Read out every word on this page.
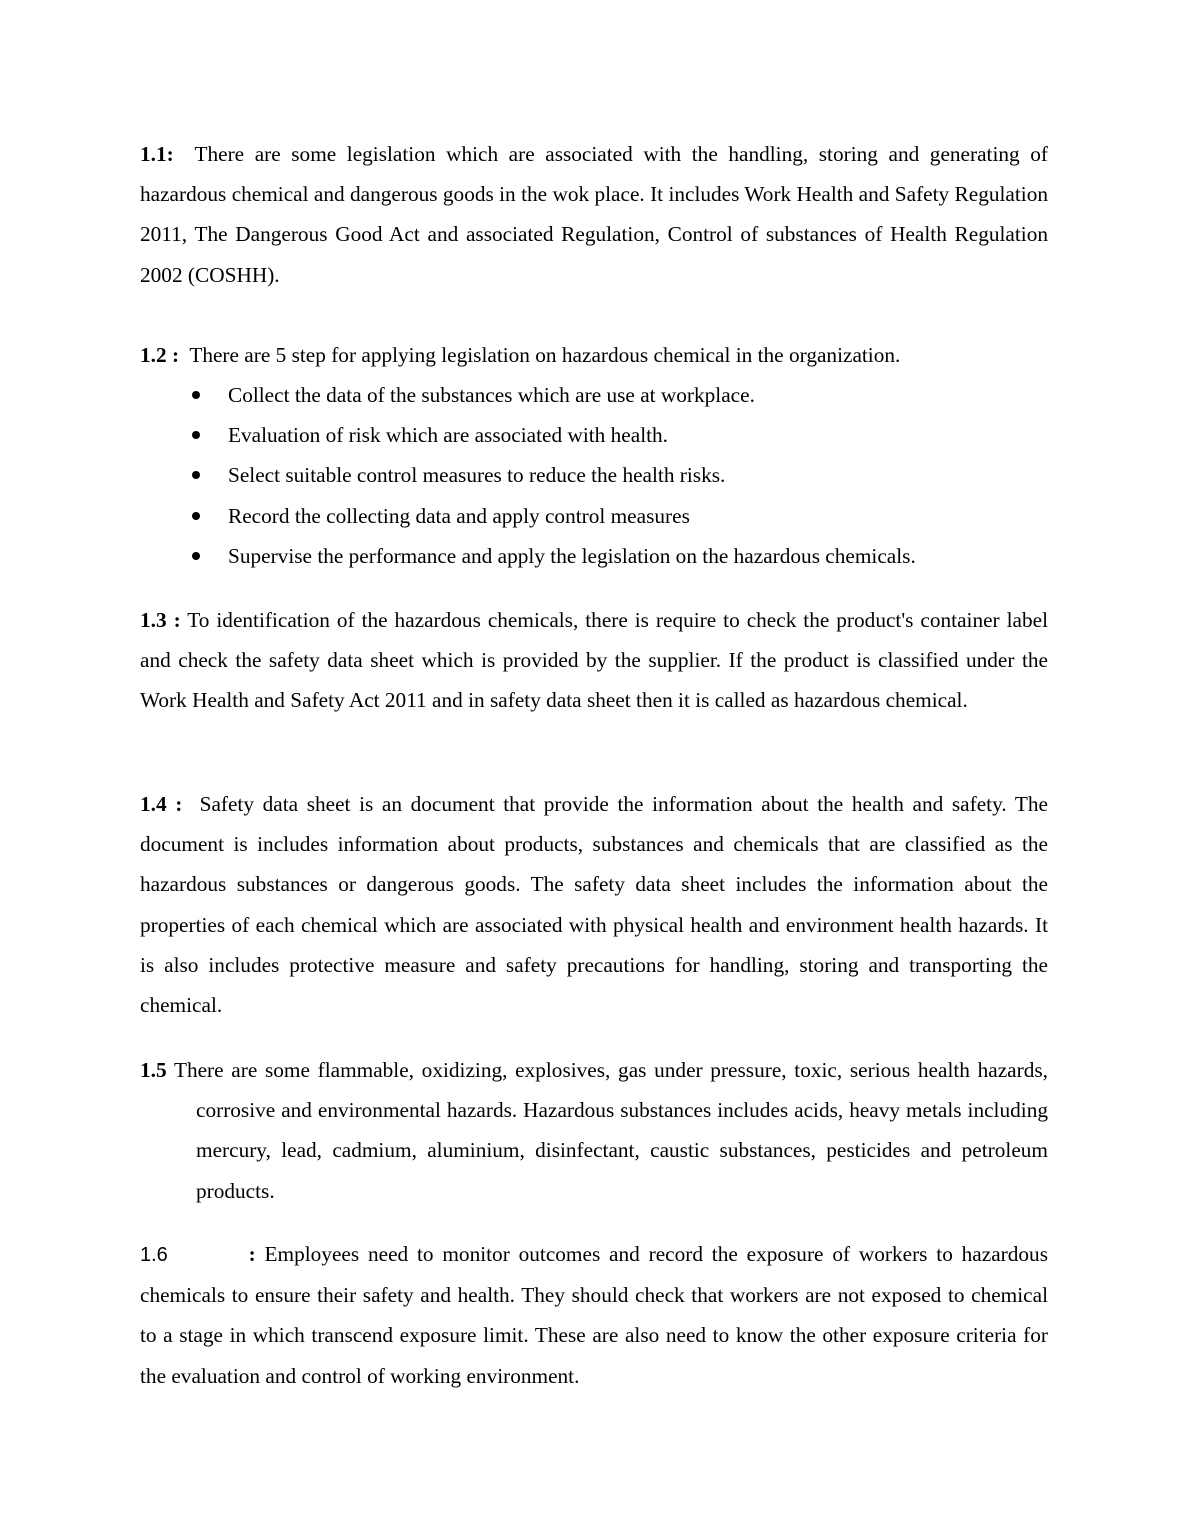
1.1: There are some legislation which are associated with the handling, storing and generating of hazardous chemical and dangerous goods in the wok place. It includes Work Health and Safety Regulation 2011, The Dangerous Good Act and associated Regulation, Control of substances of Health Regulation 2002 (COSHH).

1.2 : There are 5 step for applying legislation on hazardous chemical in the organization.

Collect the data of the substances which are use at workplace.
Evaluation of risk which are associated with health.
Select suitable control measures to reduce the health risks.
Record the collecting data and apply control measures
Supervise the performance and apply the legislation on the hazardous chemicals.

1.3 : To identification of the hazardous chemicals, there is require to check the product's container label and check the safety data sheet which is provided by the supplier. If the product is classified under the Work Health and Safety Act 2011 and in safety data sheet then it is called as hazardous chemical.

1.4 : Safety data sheet is an document that provide the information about the health and safety. The document is includes information about products, substances and chemicals that are classified as the hazardous substances or dangerous goods. The safety data sheet includes the information about the properties of each chemical which are associated with physical health and environment health hazards. It is also includes protective measure and safety precautions for handling, storing and transporting the chemical.

1.5 There are some flammable, oxidizing, explosives, gas under pressure, toxic, serious health hazards, corrosive and environmental hazards. Hazardous substances includes acids, heavy metals including mercury, lead, cadmium, aluminium, disinfectant, caustic substances, pesticides and petroleum products.

1.6	: Employees need to monitor outcomes and record the exposure of workers to hazardous chemicals to ensure their safety and health. They should check that workers are not exposed to chemical to a stage in which transcend exposure limit. These are also need to know the other exposure criteria for the evaluation and control of working environment.
